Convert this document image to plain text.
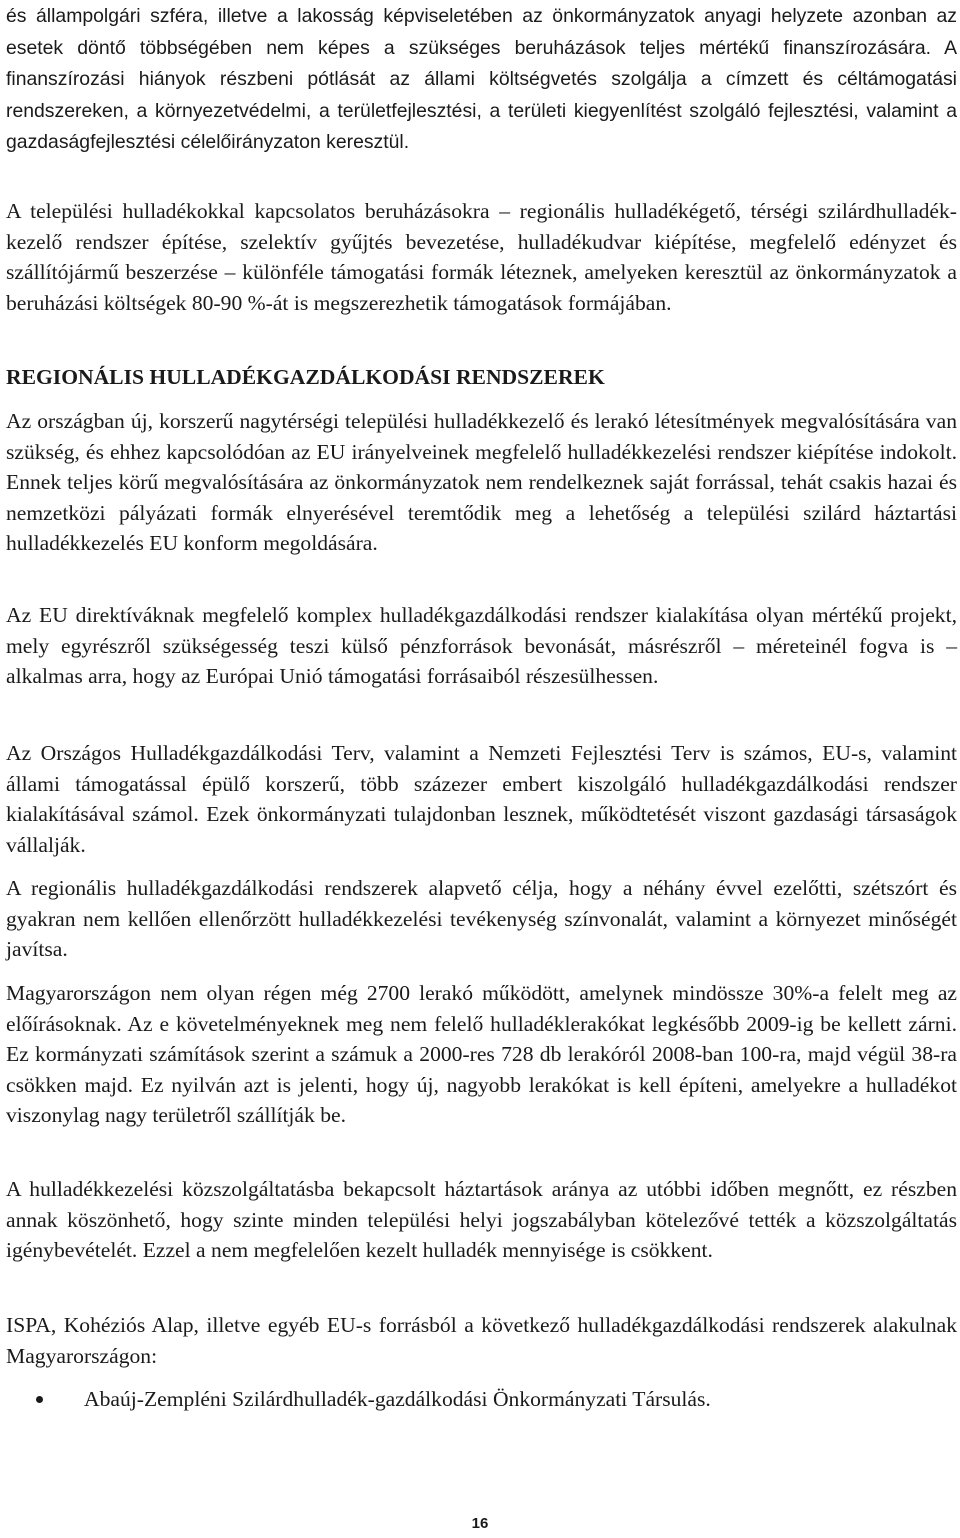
és állampolgári szféra, illetve a lakosság képviseletében az önkormányzatok anyagi helyzete azonban az esetek döntő többségében nem képes a szükséges beruházások teljes mértékű finanszírozására. A finanszírozási hiányok részbeni pótlását az állami költségvetés szolgálja a címzett és céltámogatási rendszereken, a környezetvédelmi, a területfejlesztési, a területi kiegyenlítést szolgáló fejlesztési, valamint a gazdaságfejlesztési célelőirányzaton keresztül.

A települési hulladékokkal kapcsolatos beruházásokra – regionális hulladékégető, térségi szilárdhulladék-kezelő rendszer építése, szelektív gyűjtés bevezetése, hulladékudvar kiépítése, megfelelő edényzet és szállítójármű beszerzése – különféle támogatási formák léteznek, amelyeken keresztül az önkormányzatok a beruházási költségek 80-90 %-át is megszerezhetik támogatások formájában.

REGIONÁLIS HULLADÉKGAZDÁLKODÁSI RENDSZEREK

Az országban új, korszerű nagytérségi települési hulladékkezelő és lerakó létesítmények megvalósítására van szükség, és ehhez kapcsolódóan az EU irányelveinek megfelelő hulladékkezelési rendszer kiépítése indokolt. Ennek teljes körű megvalósítására az önkormányzatok nem rendelkeznek saját forrással, tehát csakis hazai és nemzetközi pályázati formák elnyerésével teremtődik meg a lehetőség a települési szilárd háztartási hulladékkezelés EU konform megoldására.

Az EU direktíváknak megfelelő komplex hulladékgazdálkodási rendszer kialakítása olyan mértékű projekt, mely egyrészről szükségesség teszi külső pénzforrások bevonását, másrészről – méreteinél fogva is – alkalmas arra, hogy az Európai Unió támogatási forrásaiból részesülhessen.

Az Országos Hulladékgazdálkodási Terv, valamint a Nemzeti Fejlesztési Terv is számos, EU-s, valamint állami támogatással épülő korszerű, több százezer embert kiszolgáló hulladékgazdálkodási rendszer kialakításával számol. Ezek önkormányzati tulajdonban lesznek, működtetését viszont gazdasági társaságok vállalják.

A regionális hulladékgazdálkodási rendszerek alapvető célja, hogy a néhány évvel ezelőtti, szétszórt és gyakran nem kellően ellenőrzött hulladékkezelési tevékenység színvonalát, valamint a környezet minőségét javítsa.

Magyarországon nem olyan régen még 2700 lerakó működött, amelynek mindössze 30%-a felelt meg az előírásoknak. Az e követelményeknek meg nem felelő hulladéklerakókat legkésőbb 2009-ig be kellett zárni. Ez kormányzati számítások szerint a számuk a 2000-res 728 db lerakóról 2008-ban 100-ra, majd végül 38-ra csökken majd. Ez nyilván azt is jelenti, hogy új, nagyobb lerakókat is kell építeni, amelyekre a hulladékot viszonylag nagy területről szállítják be.

A hulladékkezelési közszolgáltatásba bekapcsolt háztartások aránya az utóbbi időben megnőtt, ez részben annak köszönhető, hogy szinte minden települési helyi jogszabályban kötelezővé tették a közszolgáltatás igénybevételét. Ezzel a nem megfelelően kezelt hulladék mennyisége is csökkent.

ISPA, Kohéziós Alap, illetve egyéb EU-s forrásból a következő hulladékgazdálkodási rendszerek alakulnak Magyarországon:

Abaúj-Zempléni Szilárdhulladék-gazdálkodási Önkormányzati Társulás.
16
